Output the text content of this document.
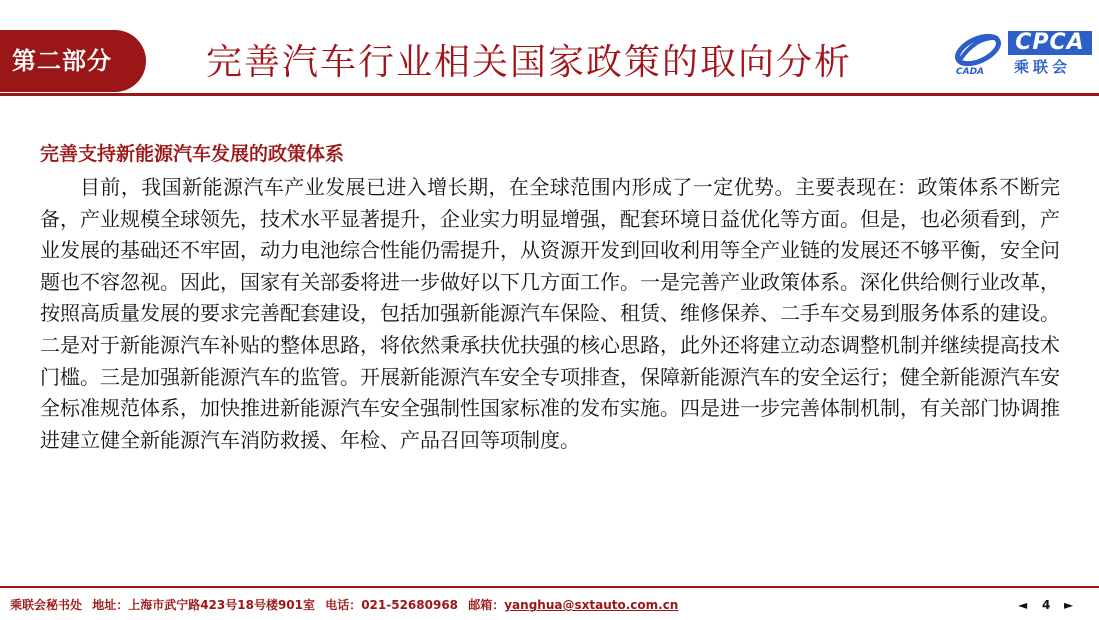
第二部分	完善汽车行业相关国家政策的取向分析	CADA
CPCA
乘联会

完善支持新能源汽车发展的政策体系

目前，我国新能源汽车产业发展已进入增长期，在全球范围内形成了一定优势。主要表现在：政策体系不断完备，产业规模全球领先，技术水平显著提升，企业实力明显增强，配套环境日益优化等方面。但是，也必须看到，产业发展的基础还不牢固，动力电池综合性能仍需提升，从资源开发到回收利用等全产业链的发展还不够平衡，安全问题也不容忽视。因此，国家有关部委将进一步做好以下几方面工作。一是完善产业政策体系。深化供给侧行业改革，按照高质量发展的要求完善配套建设，包括加强新能源汽车保险、租赁、维修保养、二手车交易到服务体系的建设。二是对于新能源汽车补贴的整体思路，将依然秉承扶优扶强的核心思路，此外还将建立动态调整机制并继续提高技术门槛。三是加强新能源汽车的监管。开展新能源汽车安全专项排查，保障新能源汽车的安全运行；健全新能源汽车安全标准规范体系，加快推进新能源汽车安全强制性国家标准的发布实施。四是进一步完善体制机制，有关部门协调推进建立健全新能源汽车消防救援、年检、产品召回等项制度。

乘联会秘书处 地址：上海市武宁路423号18号楼901室 电话：021-52680968 邮箱：yanghua@sxtauto.com.cn	◄ 4 ►
